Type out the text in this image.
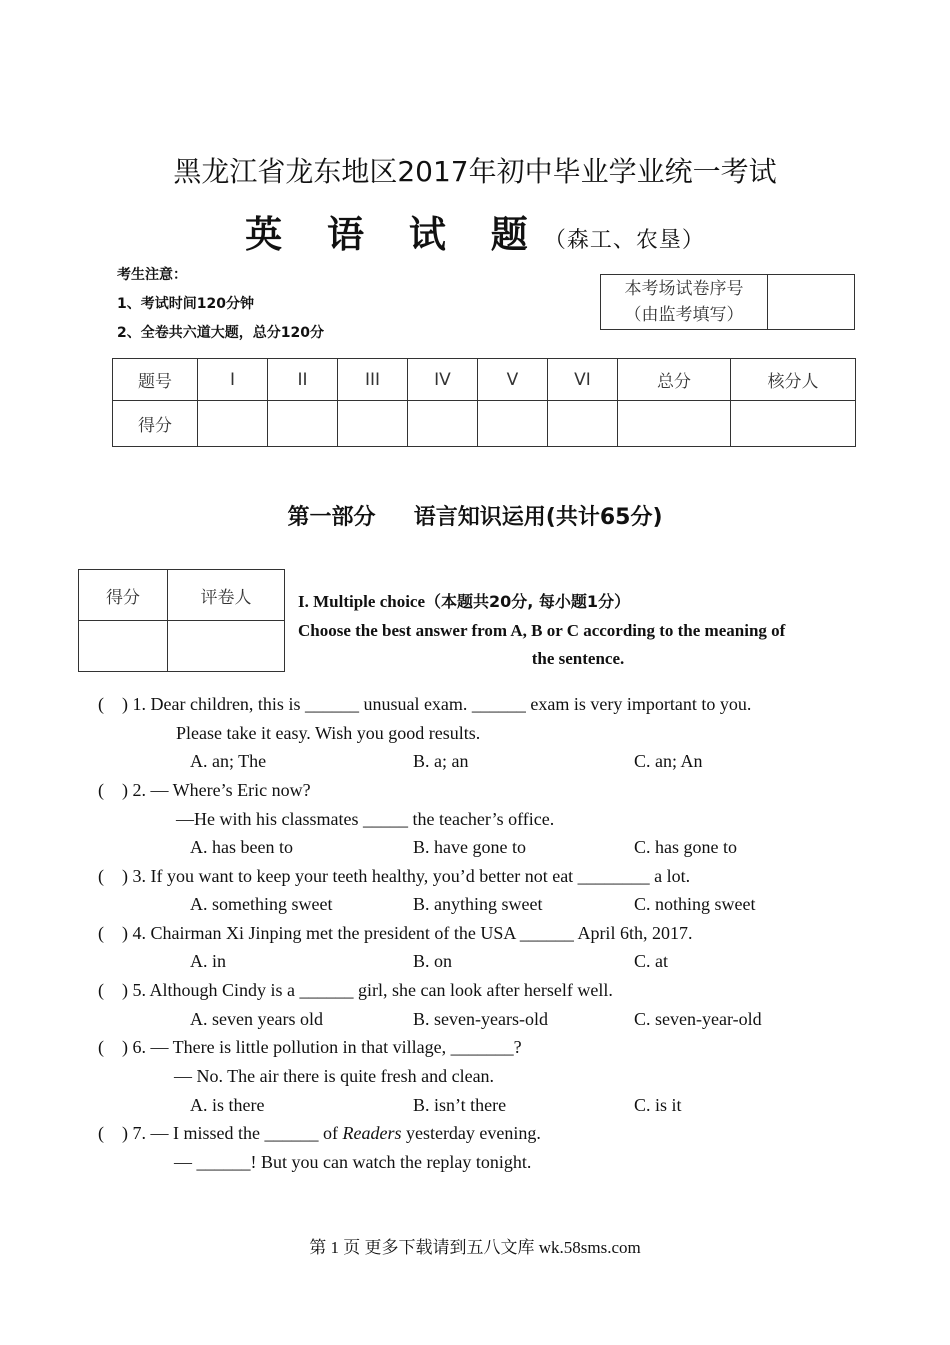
黑龙江省龙东地区2017年初中毕业学业统一考试
英 语 试 题（森工、农垦）
考生注意：
1、考试时间120分钟
2、全卷共六道大题，总分120分
本考场试卷序号
（由监考填写）

题号	I	II	III	IV	V	VI	总分	核分人
得分								
第一部分     语言知识运用(共计65分)
得分	评卷人
		I. Multiple choice（本题共20分, 每小题1分）
Choose the best answer from A, B or C according to the meaning of
the sentence.
(    ) 1. Dear children, this is ______ unusual exam. ______ exam is very important to you.
Please take it easy. Wish you good results.
A. an; The	B. a; an	C. an; An
(    ) 2. — Where’s Eric now?
—He with his classmates _____ the teacher’s office.
A. has been to	B. have gone to	C. has gone to
(    ) 3. If you want to keep your teeth healthy, you’d better not eat ________ a lot.
A. something sweet	B. anything sweet	C. nothing sweet
(    ) 4. Chairman Xi Jinping met the president of the USA ______ April 6th, 2017.
A. in	B. on	C. at
(    ) 5. Although Cindy is a ______ girl, she can look after herself well.
A. seven years old	B. seven-years-old	C. seven-year-old
(    ) 6. — There is little pollution in that village, _______?
— No. The air there is quite fresh and clean.
A. is there	B. isn’t there	C. is it
(    ) 7. — I missed the ______ of Readers yesterday evening.
— ______! But you can watch the replay tonight.
第 1 页 更多下载请到五八文库 wk.58sms.com
